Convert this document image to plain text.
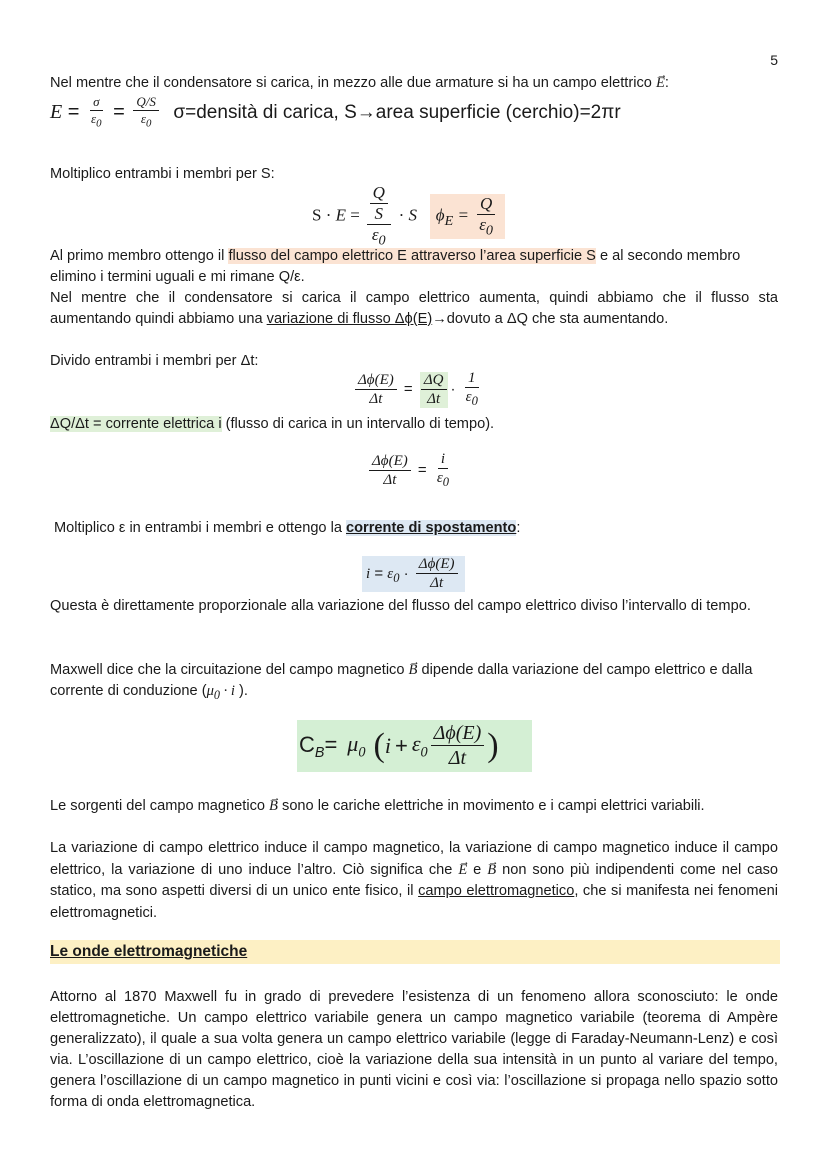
5
Nel mentre che il condensatore si carica, in mezzo alle due armature si ha un campo elettrico → E:
$E = \frac{\sigma}{\varepsilon_0} = \frac{Q/S}{\varepsilon_0}$ σ=densità di carica, S→area superficie (cerchio)=2πr
Moltiplico entrambi i membri per S:
$S \cdot E = \frac{\frac{Q}{S}}{\varepsilon_0} \cdot S$ $\phi_E = \frac{Q}{\varepsilon_0}$
Al primo membro ottengo il flusso del campo elettrico E attraverso l’area superficie S e al secondo membro elimino i termini uguali e mi rimane Q/ε.
Nel mentre che il condensatore si carica il campo elettrico aumenta, quindi abbiamo che il flusso sta aumentando quindi abbiamo una variazione di flusso Δϕ(E)→dovuto a ΔQ che sta aumentando.
Divido entrambi i membri per Δt:
$\frac{\Delta\phi(E)}{\Delta t} = \frac{\Delta Q}{\Delta t} \cdot \frac{1}{\varepsilon_0}$
ΔQ/Δt = corrente elettrica i (flusso di carica in un intervallo di tempo).
$\frac{\Delta\phi(E)}{\Delta t} = \frac{i}{\varepsilon_0}$
Moltiplico ε in entrambi i membri e ottengo la corrente di spostamento:
$i = \varepsilon_0 \cdot \frac{\Delta\phi(E)}{\Delta t}$
Questa è direttamente proporzionale alla variazione del flusso del campo elettrico diviso l’intervallo di tempo.
Maxwell dice che la circuitazione del campo magnetico → B dipende dalla variazione del campo elettrico e dalla corrente di conduzione ($\mu_0 \cdot i$ ).
$C_B= \mu_0$ ( $i + \varepsilon_0 \frac{\Delta\phi(E)}{\Delta t}$ )
Le sorgenti del campo magnetico → B sono le cariche elettriche in movimento e i campi elettrici variabili.
La variazione di campo elettrico induce il campo magnetico, la variazione di campo magnetico induce il campo elettrico, la variazione di uno induce l’altro. Ciò significa che → E e → B non sono più indipendenti come nel caso statico, ma sono aspetti diversi di un unico ente fisico, il campo elettromagnetico, che si manifesta nei fenomeni elettromagnetici.
Le onde elettromagnetiche
Attorno al 1870 Maxwell fu in grado di prevedere l’esistenza di un fenomeno allora sconosciuto: le onde elettromagnetiche. Un campo elettrico variabile genera un campo magnetico variabile (teorema di Ampère generalizzato), il quale a sua volta genera un campo elettrico variabile (legge di Faraday-Neumann-Lenz) e così via. L’oscillazione di un campo elettrico, cioè la variazione della sua intensità in un punto al variare del tempo, genera l’oscillazione di un campo magnetico in punti vicini e così via: l’oscillazione si propaga nello spazio sotto forma di onda elettromagnetica.
